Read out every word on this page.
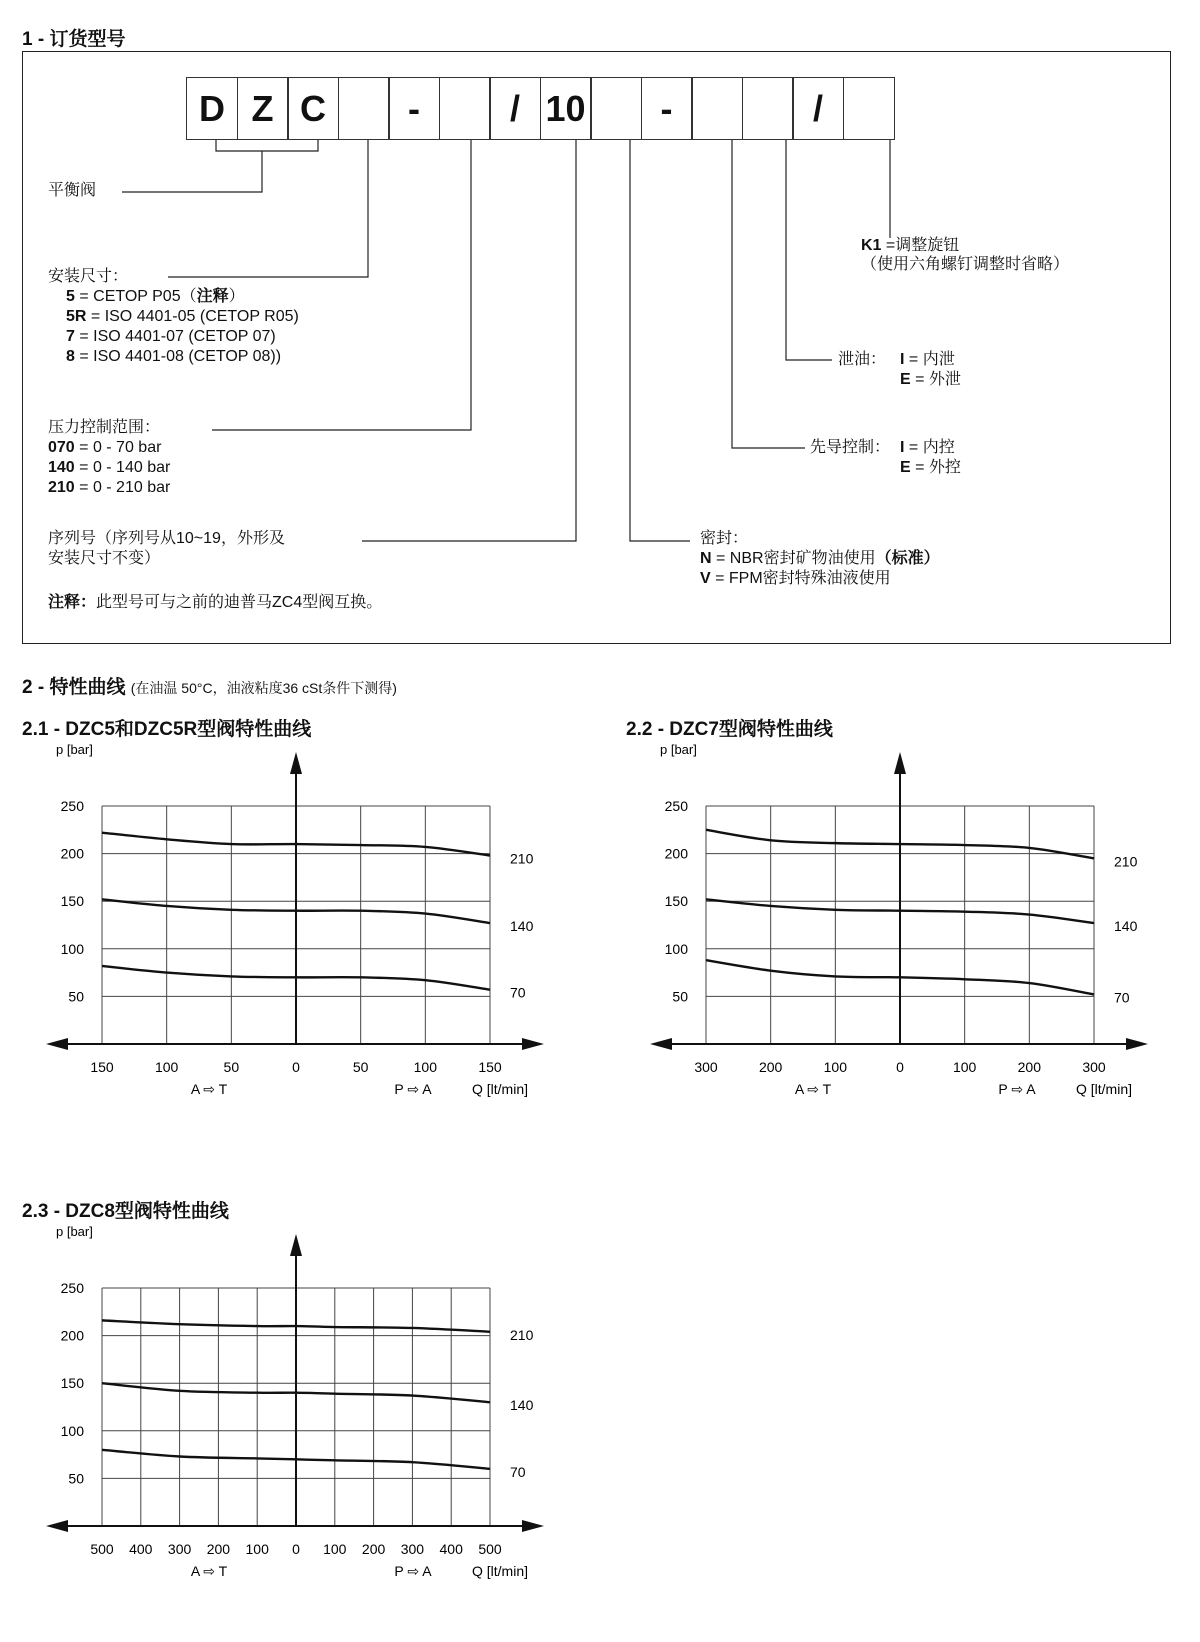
1 - 订货型号
D Z C	-	/ 10	-	/
平衡阀
安装尺寸：
5 = CETOP P05（注释）
5R = ISO 4401-05 (CETOP R05)
7 = ISO 4401-07 (CETOP 07)
8 = ISO 4401-08 (CETOP 08))
压力控制范围：
070 = 0 - 70 bar
140 = 0 - 140 bar
210 = 0 - 210 bar
序列号（序列号从10~19，外形及
安装尺寸不变）
注释：此型号可与之前的迪普马ZC4型阀互换。
K1 =调整旋钮
（使用六角螺钉调整时省略）
泄油： I = 内泄
E = 外泄
先导控制： I = 内控
E = 外控
密封：
N = NBR密封矿物油使用（标准）
V = FPM密封特殊油液使用
2 - 特性曲线 (在油温 50°C，油液粘度36 cSt条件下测得)
2.1 - DZC5和DZC5R型阀特性曲线	2.2 - DZC7型阀特性曲线
2.3 - DZC8型阀特性曲线
p [bar]
50
100
150
200
250
150	100	50	0	50	100	150
A ⇨ T	P ⇨ A	Q [lt/min]
210
140
70
p [bar]
50
100
150
200
250
300	200	100	0	100	200	300
A ⇨ T	P ⇨ A	Q [lt/min]
210
140
70
p [bar]
50
100
150
200
250
500 400 300 200 100 0 100 200 300 400 500
A ⇨ T	P ⇨ A	Q [lt/min]
210
140
70
